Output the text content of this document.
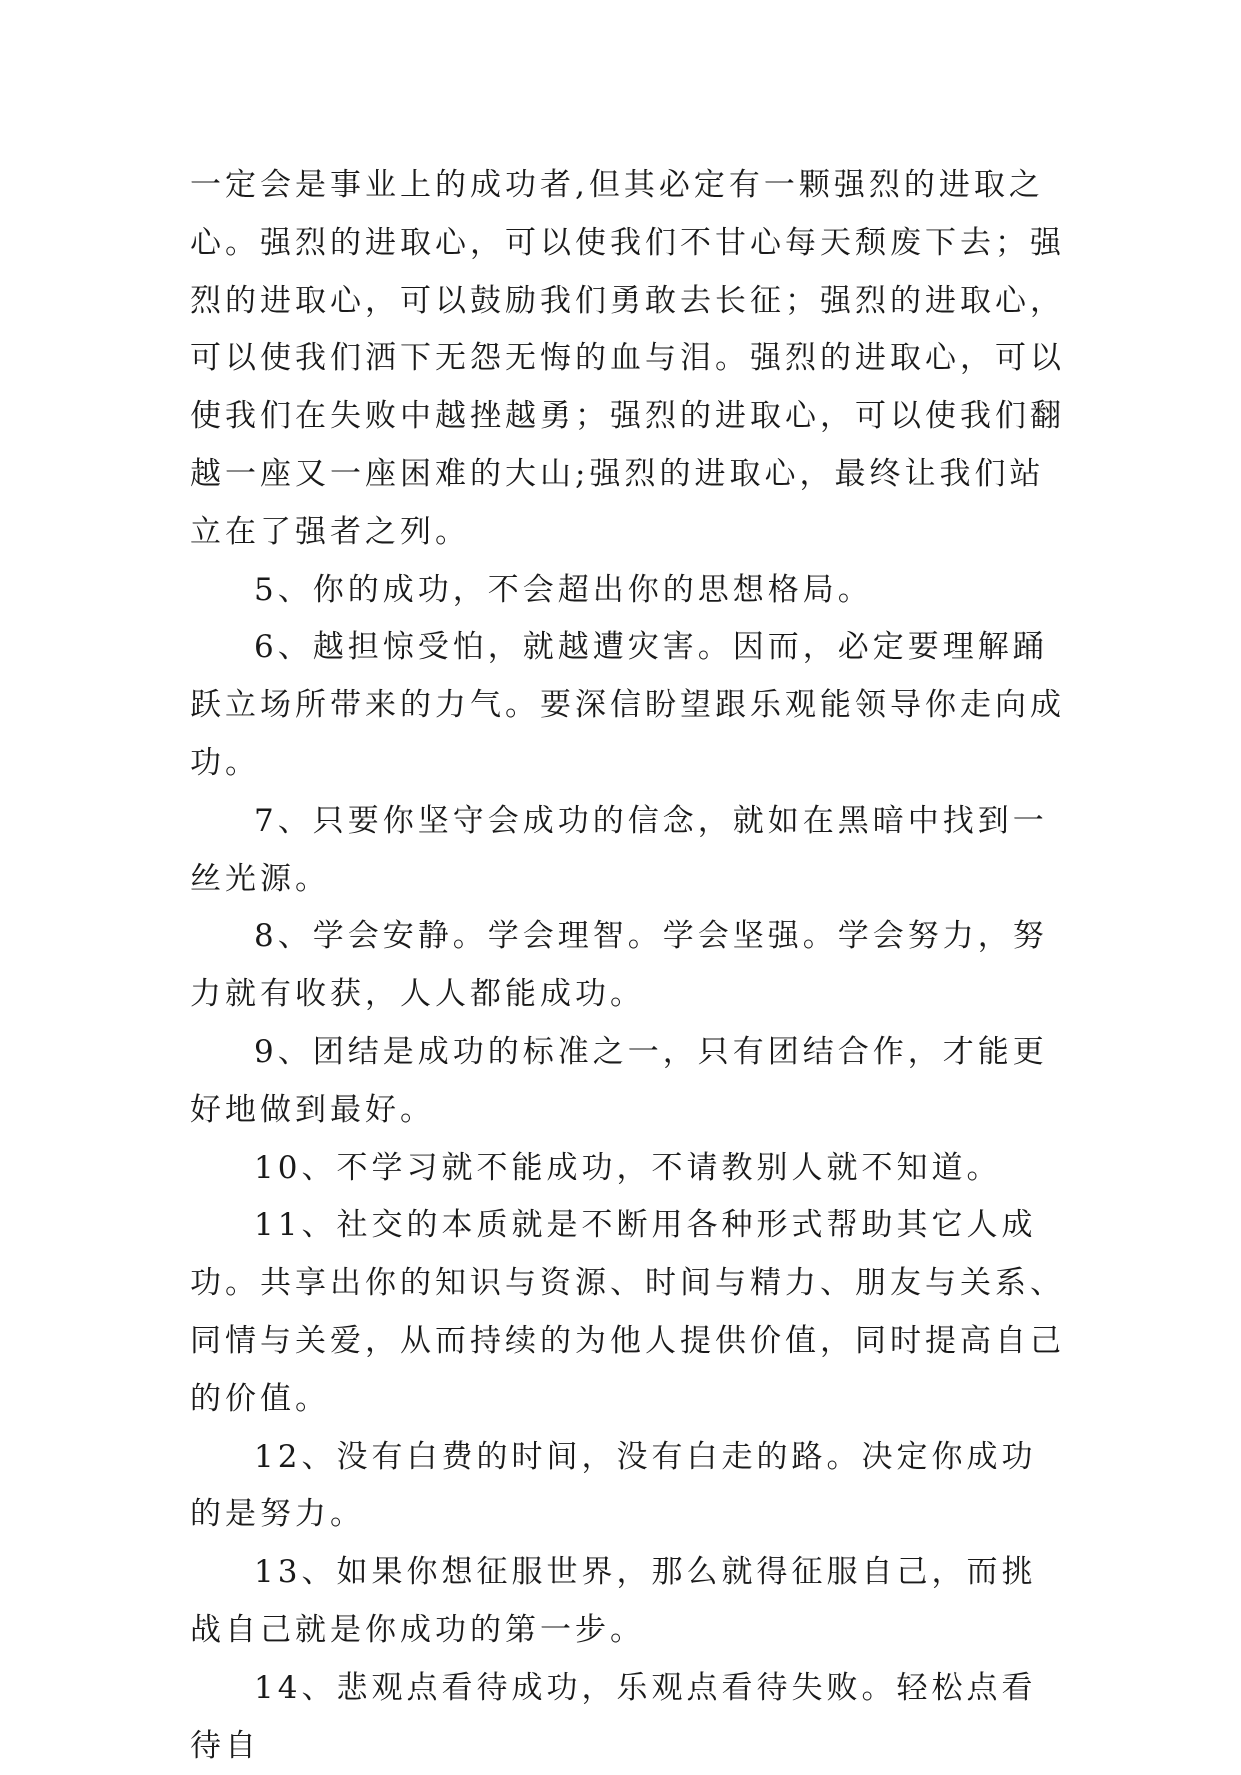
一定会是事业上的成功者,但其必定有一颗强烈的进取之心。强烈的进取心，可以使我们不甘心每天颓废下去；强烈的进取心，可以鼓励我们勇敢去长征；强烈的进取心，可以使我们洒下无怨无悔的血与泪。强烈的进取心，可以使我们在失败中越挫越勇；强烈的进取心，可以使我们翻越一座又一座困难的大山;强烈的进取心，最终让我们站立在了强者之列。

5、你的成功，不会超出你的思想格局。

6、越担惊受怕，就越遭灾害。因而，必定要理解踊跃立场所带来的力气。要深信盼望跟乐观能领导你走向成功。

7、只要你坚守会成功的信念，就如在黑暗中找到一丝光源。

8、学会安静。学会理智。学会坚强。学会努力，努力就有收获，人人都能成功。

9、团结是成功的标准之一，只有团结合作，才能更好地做到最好。

10、不学习就不能成功，不请教别人就不知道。

11、社交的本质就是不断用各种形式帮助其它人成功。共享出你的知识与资源、时间与精力、朋友与关系、同情与关爱，从而持续的为他人提供价值，同时提高自己的价值。

12、没有白费的时间，没有白走的路。决定你成功的是努力。

13、如果你想征服世界，那么就得征服自己，而挑战自己就是你成功的第一步。

14、悲观点看待成功，乐观点看待失败。轻松点看待自
